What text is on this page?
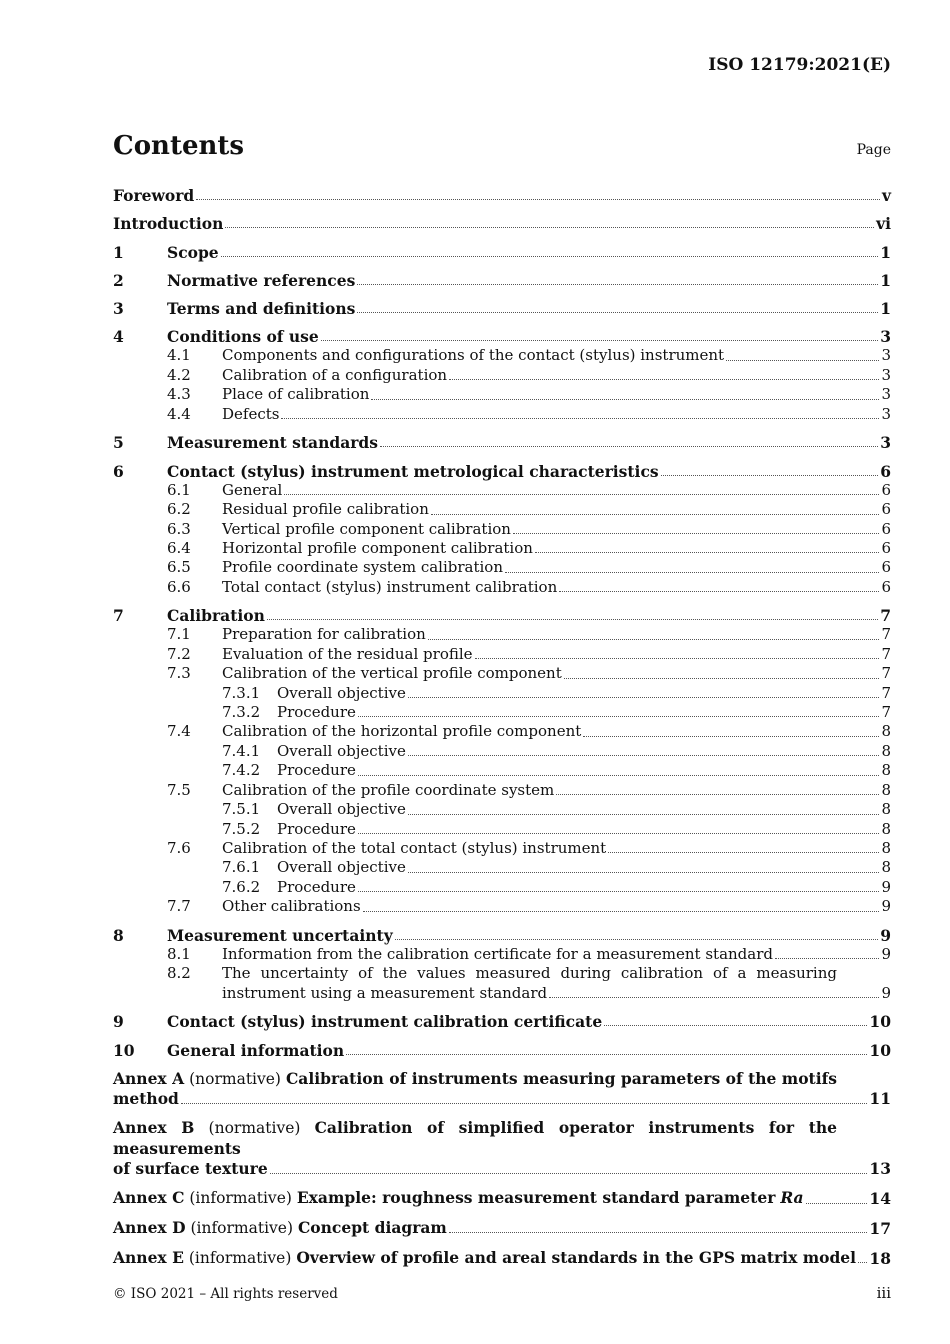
ISO 12179:2021(E)
Contents	Page
Foreword	v
Introduction	vi
1	Scope	1
2	Normative references	1
3	Terms and definitions	1
4	Conditions of use	3
4.1	Components and configurations of the contact (stylus) instrument	3
4.2	Calibration of a configuration	3
4.3	Place of calibration	3
4.4	Defects	3
5	Measurement standards	3
6	Contact (stylus) instrument metrological characteristics	6
6.1	General	6
6.2	Residual profile calibration	6
6.3	Vertical profile component calibration	6
6.4	Horizontal profile component calibration	6
6.5	Profile coordinate system calibration	6
6.6	Total contact (stylus) instrument calibration	6
7	Calibration	7
7.1	Preparation for calibration	7
7.2	Evaluation of the residual profile	7
7.3	Calibration of the vertical profile component	7
7.3.1	Overall objective	7
7.3.2	Procedure	7
7.4	Calibration of the horizontal profile component	8
7.4.1	Overall objective	8
7.4.2	Procedure	8
7.5	Calibration of the profile coordinate system	8
7.5.1	Overall objective	8
7.5.2	Procedure	8
7.6	Calibration of the total contact (stylus) instrument	8
7.6.1	Overall objective	8
7.6.2	Procedure	9
7.7	Other calibrations	9
8	Measurement uncertainty	9
8.1	Information from the calibration certificate for a measurement standard	9
8.2	The uncertainty of the values measured during calibration of a measuring
instrument using a measurement standard	9
9	Contact (stylus) instrument calibration certificate	10
10	General information	10
Annex A (normative) Calibration of instruments measuring parameters of the motifs
method	11
Annex B (normative) Calibration of simplified operator instruments for the measurements
of surface texture	13
Annex C (informative) Example: roughness measurement standard parameter Ra	14
Annex D (informative) Concept diagram	17
Annex E (informative) Overview of profile and areal standards in the GPS matrix model 18
© ISO 2021 – All rights reserved	iii
